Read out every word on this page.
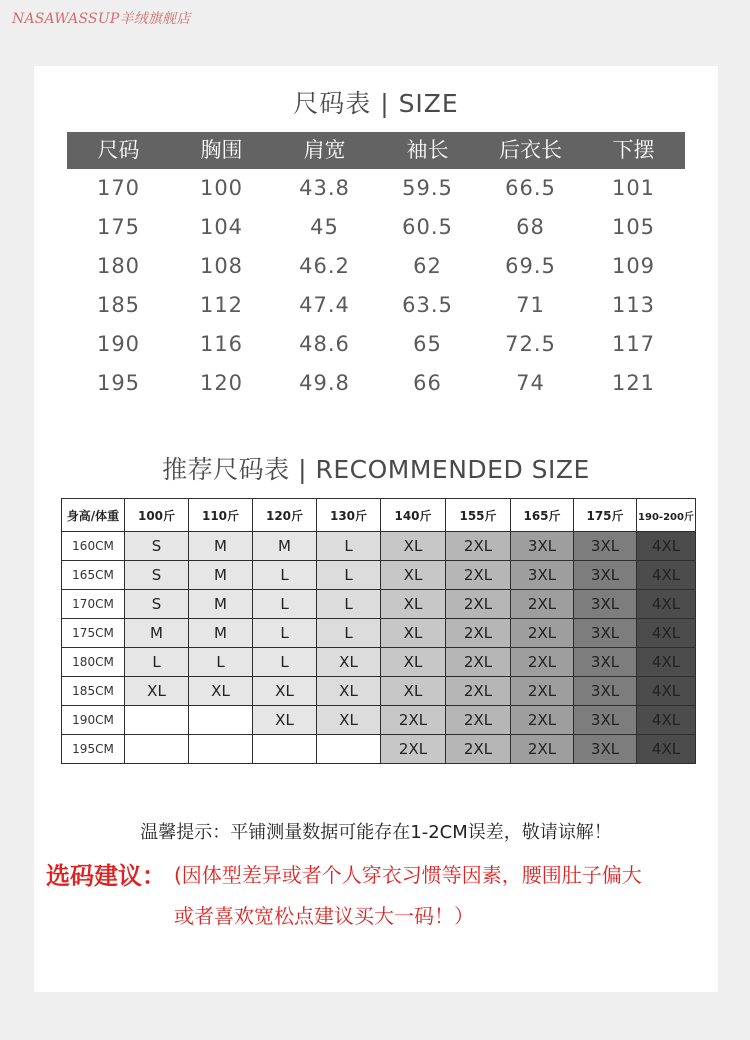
NASAWASSUP羊绒旗舰店
尺码表 | SIZE
尺码	胸围	肩宽	袖长	后衣长	下摆
170	100	43.8	59.5	66.5	101
175	104	45	60.5	68	105
180	108	46.2	62	69.5	109
185	112	47.4	63.5	71	113
190	116	48.6	65	72.5	117
195	120	49.8	66	74	121
推荐尺码表 | RECOMMENDED SIZE
身高/体重	100斤	110斤	120斤	130斤	140斤	155斤	165斤	175斤	190-200斤
160CM	S	M	M	L	XL	2XL	3XL	3XL	4XL
165CM	S	M	L	L	XL	2XL	3XL	3XL	4XL
170CM	S	M	L	L	XL	2XL	2XL	3XL	4XL
175CM	M	M	L	L	XL	2XL	2XL	3XL	4XL
180CM	L	L	L	XL	XL	2XL	2XL	3XL	4XL
185CM	XL	XL	XL	XL	XL	2XL	2XL	3XL	4XL
190CM			XL	XL	2XL	2XL	2XL	3XL	4XL
195CM					2XL	2XL	2XL	3XL	4XL
温馨提示：平铺测量数据可能存在1-2CM误差，敬请谅解！
选码建议： (因体型差异或者个人穿衣习惯等因素，腰围肚子偏大
或者喜欢宽松点建议买大一码！）
